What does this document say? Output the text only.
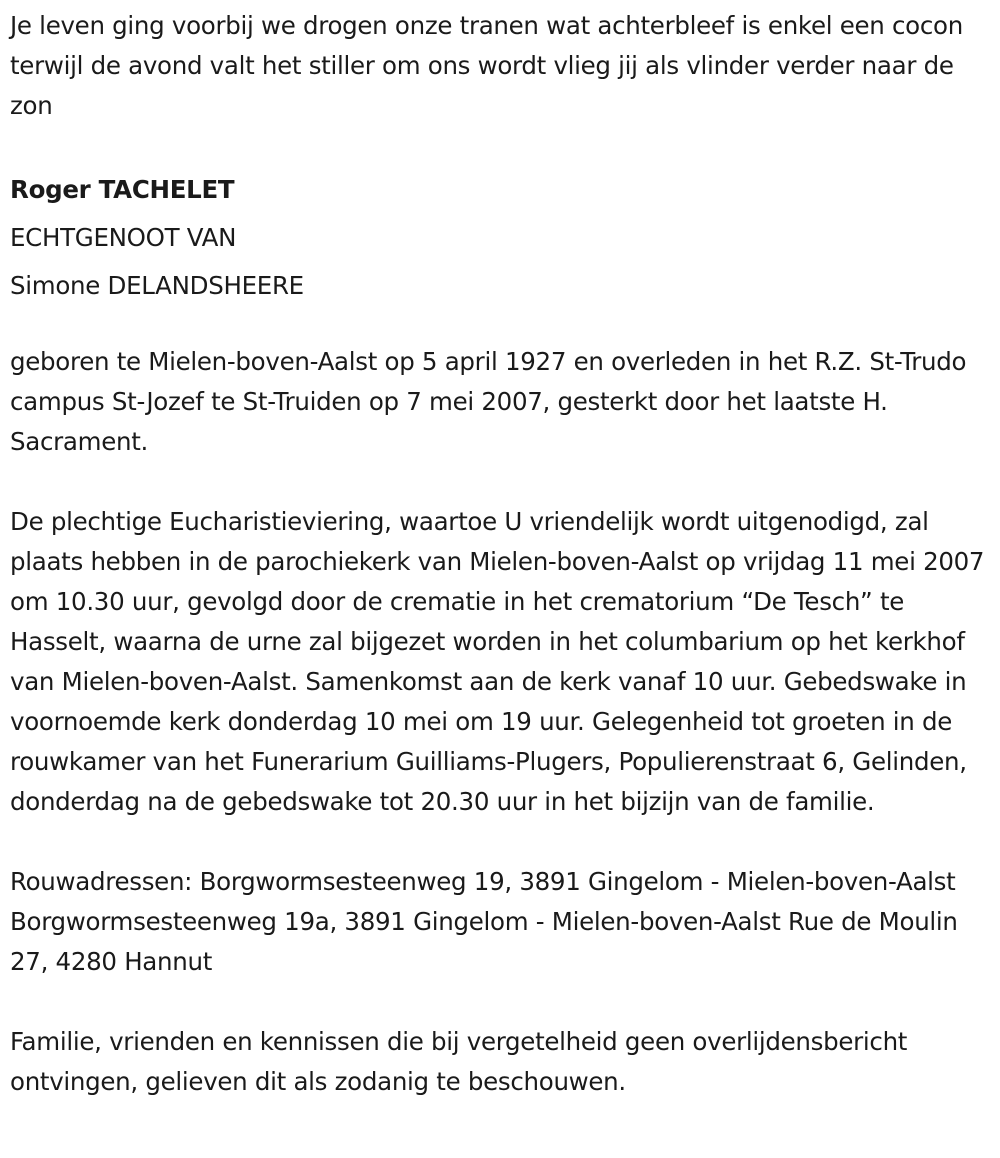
Je leven ging voorbij we drogen onze tranen wat achterbleef is enkel een cocon terwijl de avond valt het stiller om ons wordt vlieg jij als vlinder verder naar de zon

Roger TACHELET

ECHTGENOOT VAN

Simone DELANDSHEERE

geboren te Mielen-boven-Aalst op 5 april 1927 en overleden in het R.Z. St-Trudo campus St-Jozef te St-Truiden op 7 mei 2007, gesterkt door het laatste H. Sacrament.

De plechtige Eucharistieviering, waartoe U vriendelijk wordt uitgenodigd, zal plaats hebben in de parochiekerk van Mielen-boven-Aalst op vrijdag 11 mei 2007 om 10.30 uur, gevolgd door de crematie in het crematorium “De Tesch” te Hasselt, waarna de urne zal bijgezet worden in het columbarium op het kerkhof van Mielen-boven-Aalst. Samenkomst aan de kerk vanaf 10 uur. Gebedswake in voornoemde kerk donderdag 10 mei om 19 uur. Gelegenheid tot groeten in de rouwkamer van het Funerarium Guilliams-Plugers, Populierenstraat 6, Gelinden, donderdag na de gebedswake tot 20.30 uur in het bijzijn van de familie.

Rouwadressen: Borgwormsesteenweg 19, 3891 Gingelom - Mielen-boven-Aalst Borgwormsesteenweg 19a, 3891 Gingelom - Mielen-boven-Aalst Rue de Moulin 27, 4280 Hannut

Familie, vrienden en kennissen die bij vergetelheid geen overlijdensbericht ontvingen, gelieven dit als zodanig te beschouwen.
